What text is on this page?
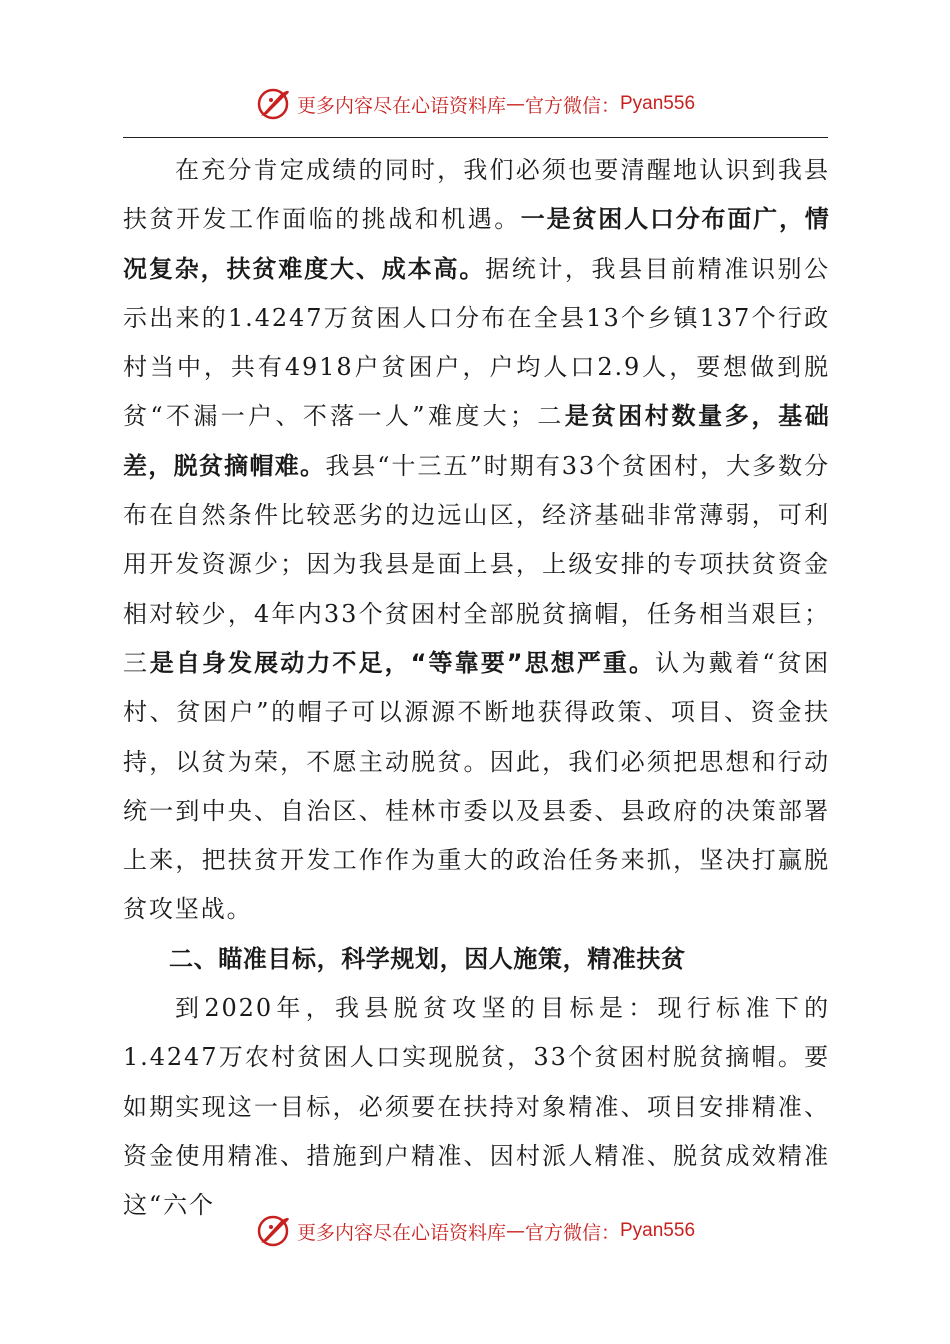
更多内容尽在心语资料库 — 官方微信： Pyan556

在充分肯定成绩的同时，我们必须也要清醒地认识到我县扶贫开发工作面临的挑战和机遇。一是贫困人口分布面广，情况复杂，扶贫难度大、成本高。据统计，我县目前精准识别公示出来的1.4247万贫困人口分布在全县13个乡镇137个行政村当中，共有4918户贫困户，户均人口2.9人，要想做到脱贫“不漏一户、不落一人”难度大；二是贫困村数量多，基础差，脱贫摘帽难。我县“十三五”时期有33个贫困村，大多数分布在自然条件比较恶劣的边远山区，经济基础非常薄弱，可利用开发资源少；因为我县是面上县，上级安排的专项扶贫资金相对较少，4年内33个贫困村全部脱贫摘帽，任务相当艰巨；三是自身发展动力不足，“等靠要”思想严重。认为戴着“贫困村、贫困户”的帽子可以源源不断地获得政策、项目、资金扶持，以贫为荣，不愿主动脱贫。因此，我们必须把思想和行动统一到中央、自治区、桂林市委以及县委、县政府的决策部署上来，把扶贫开发工作作为重大的政治任务来抓，坚决打赢脱贫攻坚战。

二、瞄准目标，科学规划，因人施策，精准扶贫

到2020年，我县脱贫攻坚的目标是：现行标准下的1.4247万农村贫困人口实现脱贫，33个贫困村脱贫摘帽。要如期实现这一目标，必须要在扶持对象精准、项目安排精准、资金使用精准、措施到户精准、因村派人精准、脱贫成效精准这“六个

更多内容尽在心语资料库 — 官方微信： Pyan556
